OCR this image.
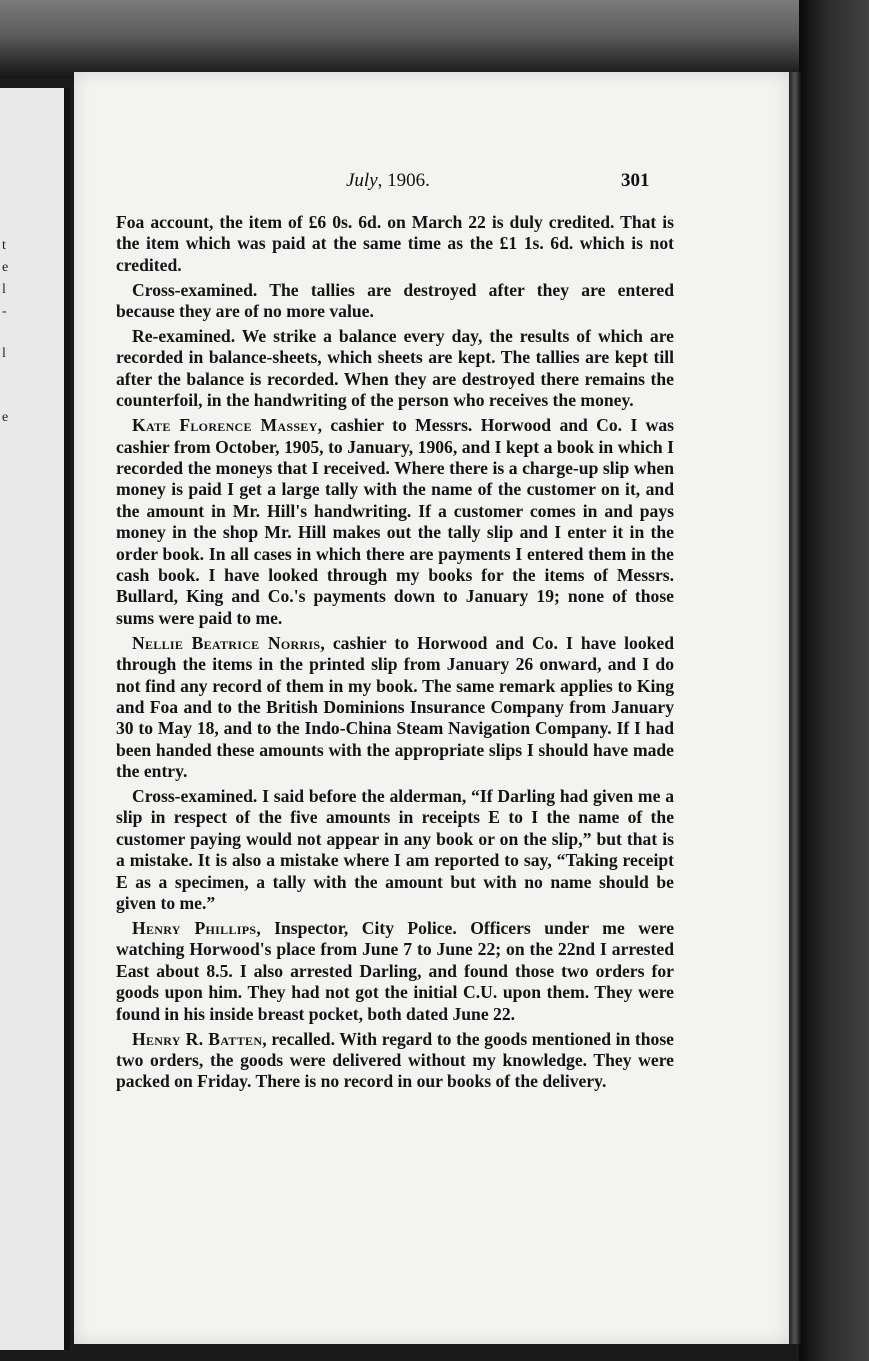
t
e
l
-
l
e
July, 1906.	301

Foa account, the item of £6 0s. 6d. on March 22 is duly credited. That is the item which was paid at the same time as the £1 1s. 6d. which is not credited.

Cross-examined. The tallies are destroyed after they are entered because they are of no more value.

Re-examined. We strike a balance every day, the results of which are recorded in balance-sheets, which sheets are kept. The tallies are kept till after the balance is recorded. When they are destroyed there remains the counterfoil, in the handwriting of the person who receives the money.

Kate Florence Massey, cashier to Messrs. Horwood and Co. I was cashier from October, 1905, to January, 1906, and I kept a book in which I recorded the moneys that I received. Where there is a charge-up slip when money is paid I get a large tally with the name of the customer on it, and the amount in Mr. Hill's handwriting. If a customer comes in and pays money in the shop Mr. Hill makes out the tally slip and I enter it in the order book. In all cases in which there are payments I entered them in the cash book. I have looked through my books for the items of Messrs. Bullard, King and Co.'s payments down to January 19; none of those sums were paid to me.

Nellie Beatrice Norris, cashier to Horwood and Co. I have looked through the items in the printed slip from January 26 onward, and I do not find any record of them in my book. The same remark applies to King and Foa and to the British Dominions Insurance Company from January 30 to May 18, and to the Indo-China Steam Navigation Company. If I had been handed these amounts with the appropriate slips I should have made the entry.

Cross-examined. I said before the alderman, “If Darling had given me a slip in respect of the five amounts in receipts E to I the name of the customer paying would not appear in any book or on the slip,” but that is a mistake. It is also a mistake where I am reported to say, “Taking receipt E as a specimen, a tally with the amount but with no name should be given to me.”

Henry Phillips, Inspector, City Police. Officers under me were watching Horwood's place from June 7 to June 22; on the 22nd I arrested East about 8.5. I also arrested Darling, and found those two orders for goods upon him. They had not got the initial C.U. upon them. They were found in his inside breast pocket, both dated June 22.

Henry R. Batten, recalled. With regard to the goods mentioned in those two orders, the goods were delivered without my knowledge. They were packed on Friday. There is no record in our books of the delivery.
